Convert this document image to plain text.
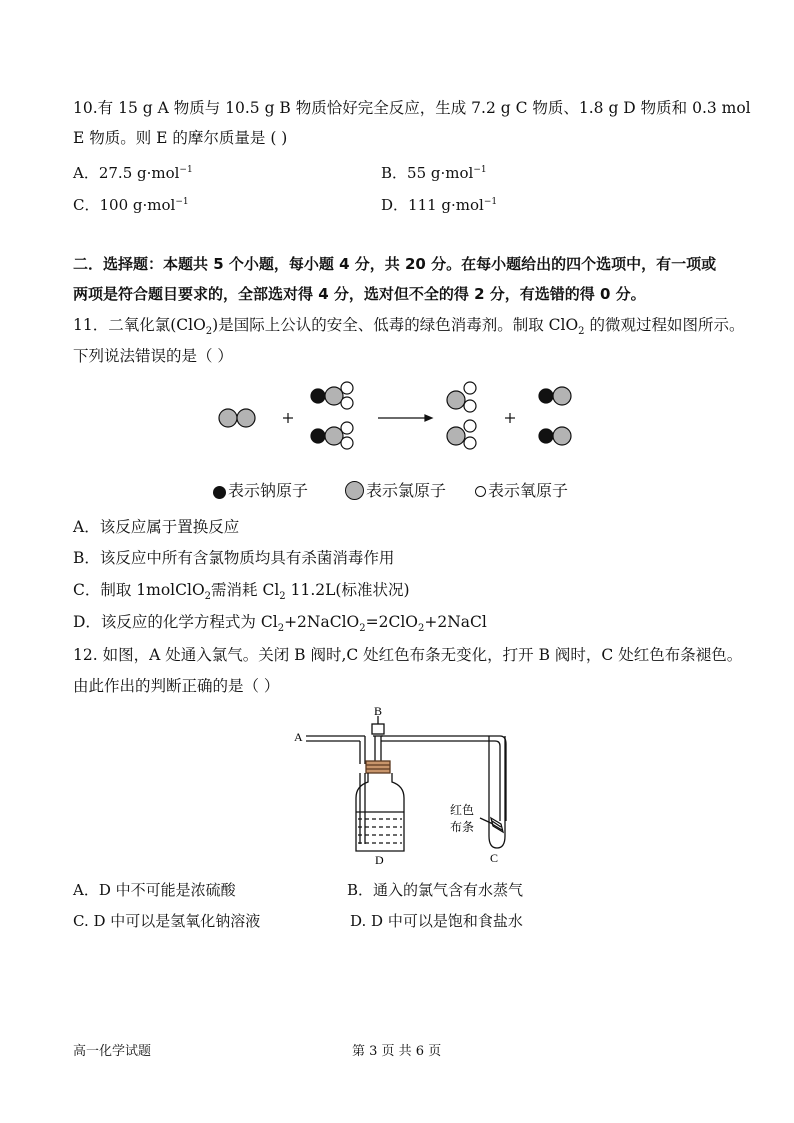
10.有 15 g A 物质与 10.5 g B 物质恰好完全反应，生成 7.2 g C 物质、1.8 g D 物质和 0.3 mol
E 物质。则 E 的摩尔质量是 ( )
A．27.5 g·mol$^{-1}$	B．55 g·mol$^{-1}$
C．100 g·mol$^{-1}$	D．111 g·mol$^{-1}$
二．选择题：本题共 5 个小题，每小题 4 分，共 20 分。在每小题给出的四个选项中，有一项或
两项是符合题目要求的，全部选对得 4 分，选对但不全的得 2 分，有选错的得 0 分。
11．二氧化氯(ClO$_2$)是国际上公认的安全、低毒的绿色消毒剂。制取 ClO$_2$ 的微观过程如图所示。
下列说法错误的是（ ）
表示钠原子	表示氯原子	表示氧原子
A．该反应属于置换反应
B．该反应中所有含氯物质均具有杀菌消毒作用
C．制取 1molClO$_2$需消耗 $Cl_2$ 11.2L(标准状况)
D．该反应的化学方程式为 $Cl_2+2NaClO_2=2ClO_2+2NaCl$
12. 如图，A 处通入氯气。关闭 B 阀时,C 处红色布条无变化，打开 B 阀时，C 处红色布条褪色。
由此作出的判断正确的是（ ）
A
B
D	C
红色
布条
A．D 中不可能是浓硫酸	B．通入的氯气含有水蒸气
C. D 中可以是氢氧化钠溶液	D. D 中可以是饱和食盐水
高一化学试题	第 3 页 共 6 页
